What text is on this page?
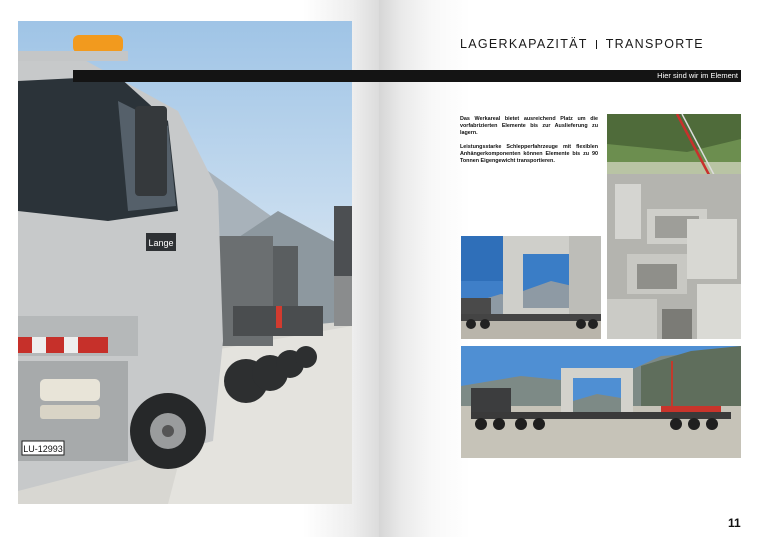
Lange
LU-12993
LAGERKAPAZITÄT TRANSPORTE
Hier sind wir im Element

Das Werkareal bietet ausreichend Platz um die vorfabrizierten Elemente bis zur Auslieferung zu lagern.

Leistungsstarke Schlepperfahrzeuge mit flexiblen Anhängerkomponenten können Elemente bis zu 90 Tonnen Eigengewicht transportieren.

11
